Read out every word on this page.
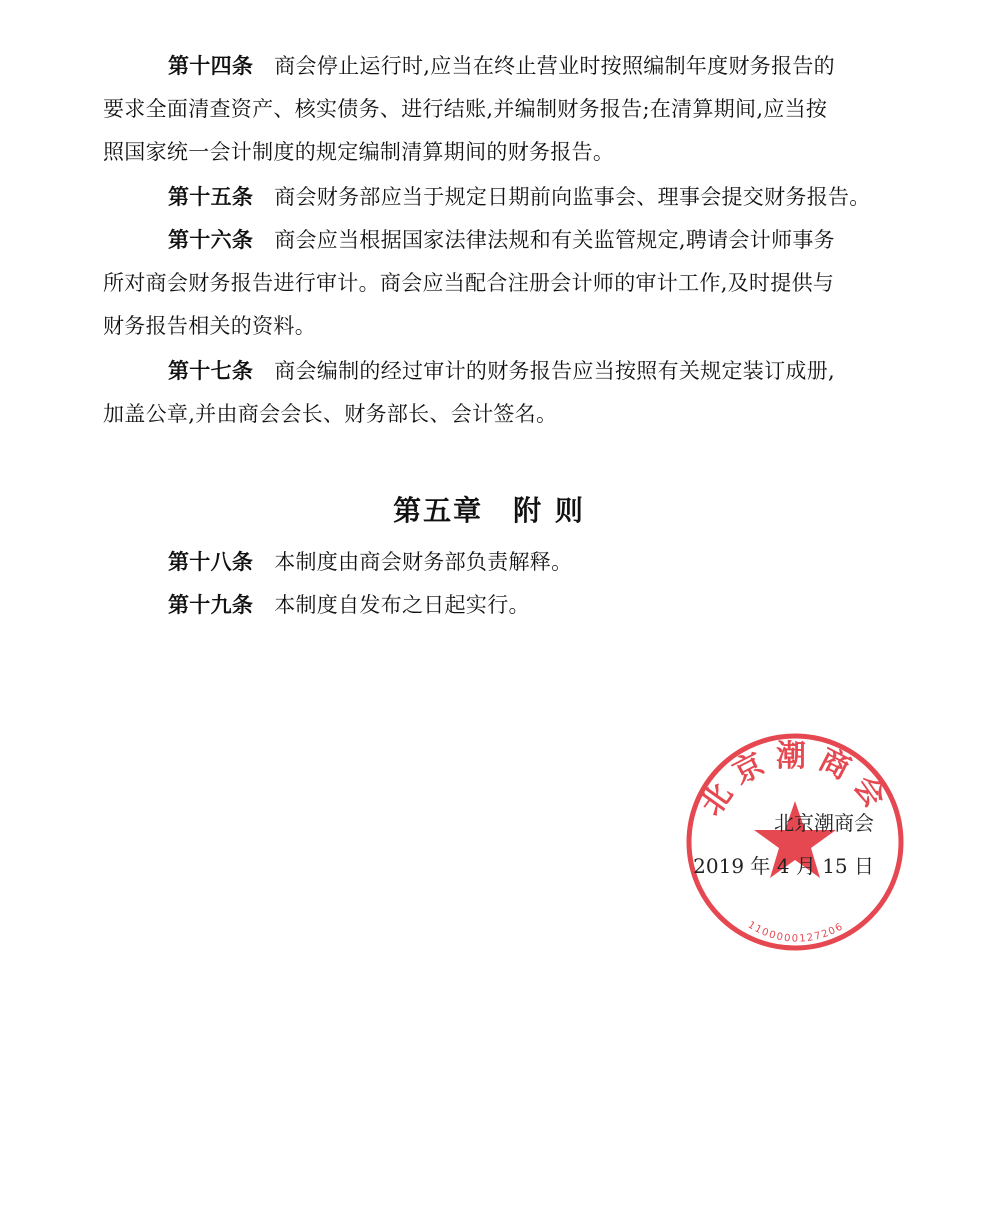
第十四条 商会停止运行时,应当在终止营业时按照编制年度财务报告的
要求全面清查资产、核实债务、进行结账,并编制财务报告;在清算期间,应当按
照国家统一会计制度的规定编制清算期间的财务报告。
第十五条 商会财务部应当于规定日期前向监事会、理事会提交财务报告。
第十六条 商会应当根据国家法律法规和有关监管规定,聘请会计师事务
所对商会财务报告进行审计。商会应当配合注册会计师的审计工作,及时提供与
财务报告相关的资料。
第十七条 商会编制的经过审计的财务报告应当按照有关规定装订成册,
加盖公章,并由商会会长、财务部长、会计签名。
第五章　附 则
第十八条 本制度由商会财务部负责解释。
第十九条 本制度自发布之日起实行。
北京潮商会
1100000127206
北京潮商会
2019 年 4 月 15 日
